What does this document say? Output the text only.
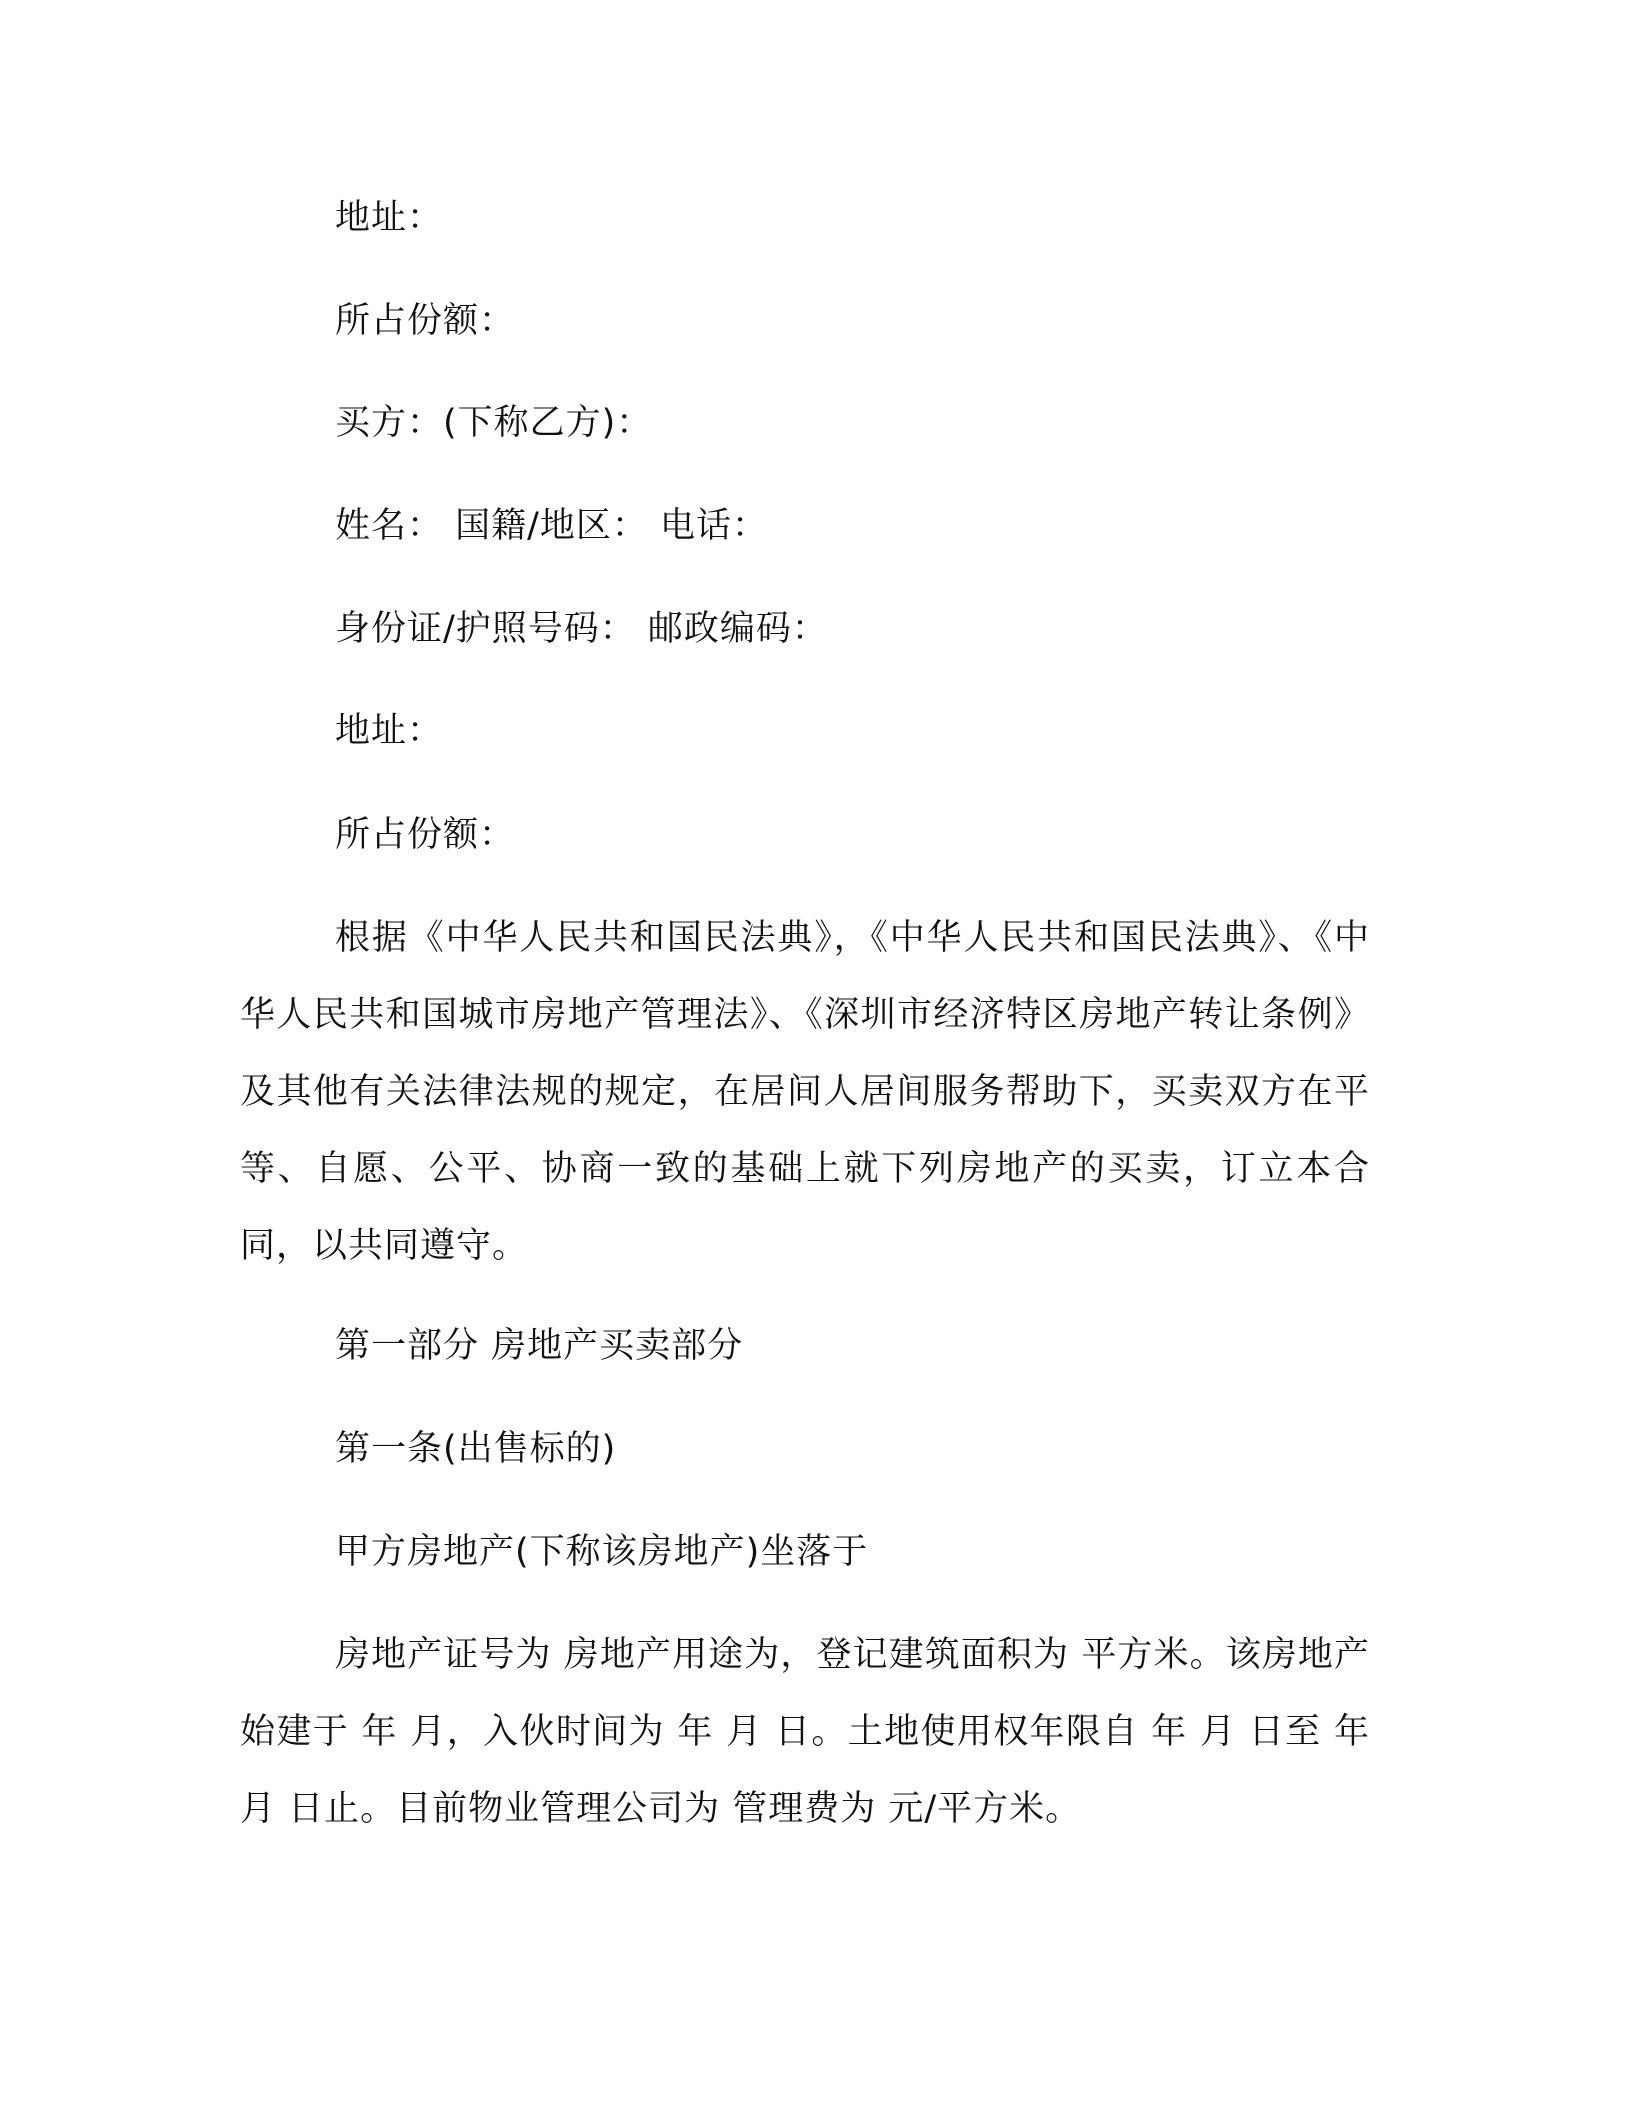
地址：
所占份额：
买方：(下称乙方)：
姓名： 国籍/地区： 电话：
身份证/护照号码： 邮政编码：
地址：
所占份额：

根据《中华人民共和国民法典》，《中华人民共和国民法典》、《中华人民共和国城市房地产管理法》、《深圳市经济特区房地产转让条例》及其他有关法律法规的规定，在居间人居间服务帮助下，买卖双方在平等、自愿、公平、协商一致的基础上就下列房地产的买卖，订立本合同，以共同遵守。

第一部分 房地产买卖部分
第一条(出售标的)
甲方房地产(下称该房地产)坐落于

房地产证号为 房地产用途为，登记建筑面积为 平方米。该房地产始建于 年 月，入伙时间为 年 月 日。土地使用权年限自 年 月 日至 年 月 日止。目前物业管理公司为 管理费为 元/平方米。
